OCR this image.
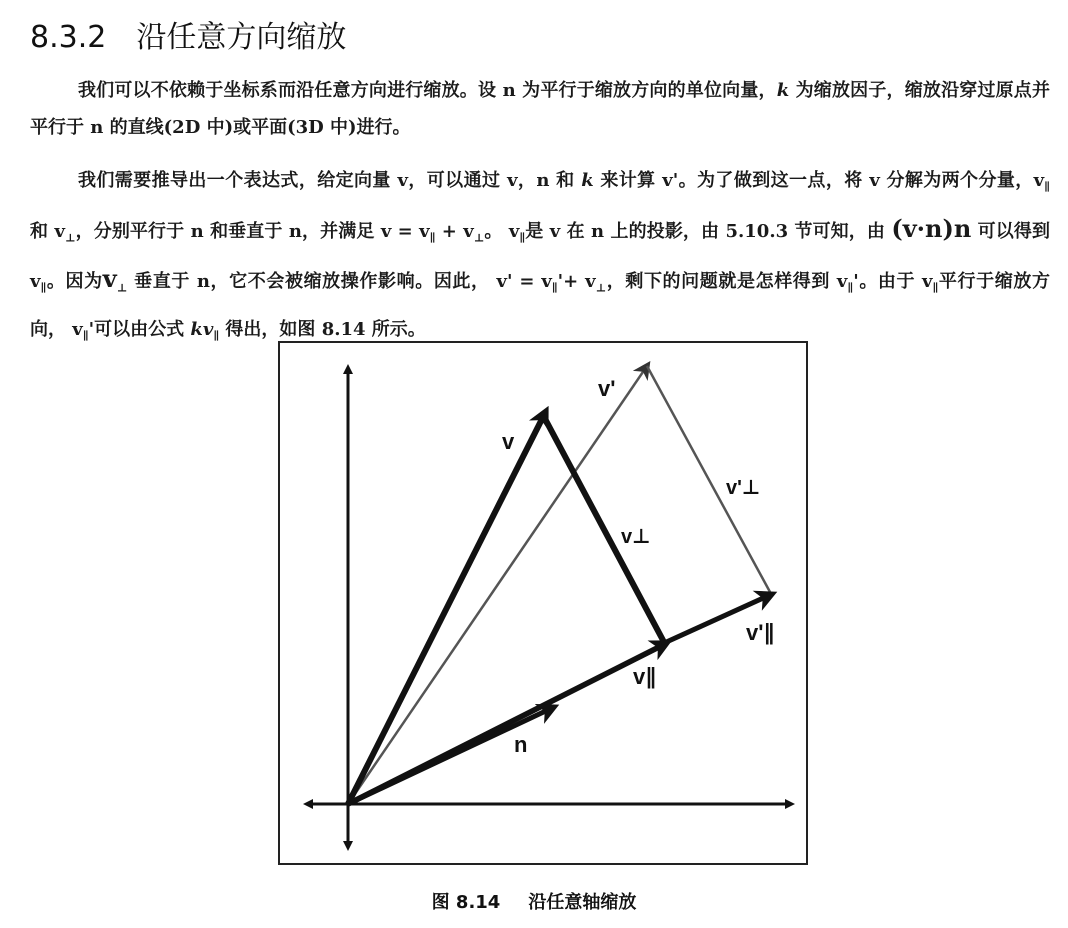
8.3.2 沿任意方向缩放
我们可以不依赖于坐标系而沿任意方向进行缩放。设 n 为平行于缩放方向的单位向量，k 为缩放因子，缩放沿穿过原点并平行于 n 的直线(2D 中)或平面(3D 中)进行。
我们需要推导出一个表达式，给定向量 v，可以通过 v，n 和 k 来计算 v'。为了做到这一点，将 v 分解为两个分量，$v_\parallel$ 和 $v_\perp$，分别平行于 n 和垂直于 n，并满足 $v = v_\parallel + v_\perp$。 $v_\parallel$是 v 在 n 上的投影，由 5.10.3 节可知，由 (v·n)n 可以得到 $v_\parallel$。因为$v_\perp$ 垂直于 n，它不会被缩放操作影响。因此， $v' = v_\parallel'+ v_\perp$，剩下的问题就是怎样得到 $v_\parallel'$。由于 $v_\parallel$平行于缩放方向， $v_\parallel'$可以由公式 $kv_\parallel$ 得出，如图 8.14 所示。
v
v'
v⊥
v'⊥
v∥
v'∥
n
图 8.14 沿任意轴缩放
